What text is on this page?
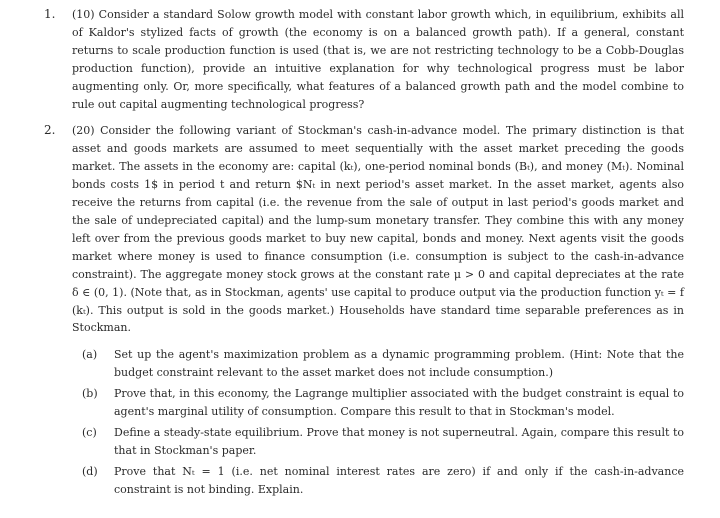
1.	(10) Consider a standard Solow growth model with constant labor growth which, in equilibrium, exhibits all of Kaldor's stylized facts of growth (the economy is on a balanced growth path). If a general, constant returns to scale production function is used (that is, we are not restricting technology to be a Cobb-Douglas production function), provide an intuitive explanation for why technological progress must be labor augmenting only. Or, more specifically, what features of a balanced growth path and the model combine to rule out capital augmenting technological progress?
2.	(20) Consider the following variant of Stockman's cash-in-advance model. The primary distinction is that asset and goods markets are assumed to meet sequentially with the asset market preceding the goods market. The assets in the economy are: capital (kₜ), one-period nominal bonds (Bₜ), and money (Mₜ). Nominal bonds costs 1$ in period t and return $Nₜ in next period's asset market. In the asset market, agents also receive the returns from capital (i.e. the revenue from the sale of output in last period's goods market and the sale of undepreciated capital) and the lump-sum monetary transfer. They combine this with any money left over from the previous goods market to buy new capital, bonds and money. Next agents visit the goods market where money is used to finance consumption (i.e. consumption is subject to the cash-in-advance constraint). The aggregate money stock grows at the constant rate μ > 0 and capital depreciates at the rate δ ∈ (0, 1). (Note that, as in Stockman, agents' use capital to produce output via the production function yₜ = f (kₜ). This output is sold in the goods market.) Households have standard time separable preferences as in Stockman.
(a)	Set up the agent's maximization problem as a dynamic programming problem. (Hint: Note that the budget constraint relevant to the asset market does not include consumption.)
(b)	Prove that, in this economy, the Lagrange multiplier associated with the budget constraint is equal to agent's marginal utility of consumption. Compare this result to that in Stockman's model.
(c)	Define a steady-state equilibrium. Prove that money is not superneutral. Again, compare this result to that in Stockman's paper.
(d)	Prove that Nₜ = 1 (i.e. net nominal interest rates are zero) if and only if the cash-in-advance constraint is not binding. Explain.
